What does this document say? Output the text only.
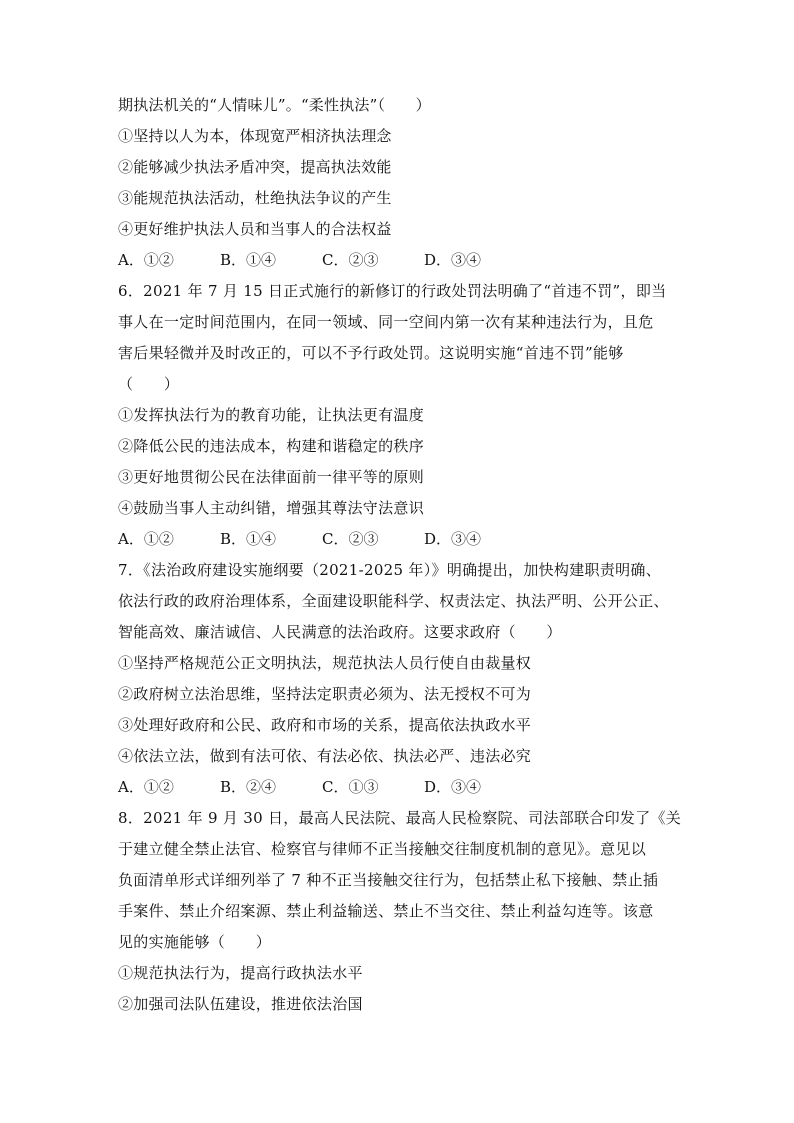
期执法机关的“人情味儿”。“柔性执法”（　　）
①坚持以人为本，体现宽严相济执法理念
②能够减少执法矛盾冲突，提高执法效能
③能规范执法活动，杜绝执法争议的产生
④更好维护执法人员和当事人的合法权益
A．①②	B．①④	C．②③	D．③④
6．2021 年 7 月 15 日正式施行的新修订的行政处罚法明确了“首违不罚”，即当
事人在一定时间范围内，在同一领域、同一空间内第一次有某种违法行为，且危
害后果轻微并及时改正的，可以不予行政处罚。这说明实施“首违不罚”能够
（　　）
①发挥执法行为的教育功能，让执法更有温度
②降低公民的违法成本，构建和谐稳定的秩序
③更好地贯彻公民在法律面前一律平等的原则
④鼓励当事人主动纠错，增强其尊法守法意识
A．①②	B．①④	C．②③	D．③④
7．《法治政府建设实施纲要（2021-2025 年）》明确提出，加快构建职责明确、
依法行政的政府治理体系，全面建设职能科学、权责法定、执法严明、公开公正、
智能高效、廉洁诚信、人民满意的法治政府。这要求政府（　　）
①坚持严格规范公正文明执法，规范执法人员行使自由裁量权
②政府树立法治思维，坚持法定职责必须为、法无授权不可为
③处理好政府和公民、政府和市场的关系，提高依法执政水平
④依法立法，做到有法可依、有法必依、执法必严、违法必究
A．①②	B．②④	C．①③	D．③④
8．2021 年 9 月 30 日，最高人民法院、最高人民检察院、司法部联合印发了《关
于建立健全禁止法官、检察官与律师不正当接触交往制度机制的意见》。意见以
负面清单形式详细列举了 7 种不正当接触交往行为，包括禁止私下接触、禁止插
手案件、禁止介绍案源、禁止利益输送、禁止不当交往、禁止利益勾连等。该意
见的实施能够（　　）
①规范执法行为，提高行政执法水平
②加强司法队伍建设，推进依法治国
